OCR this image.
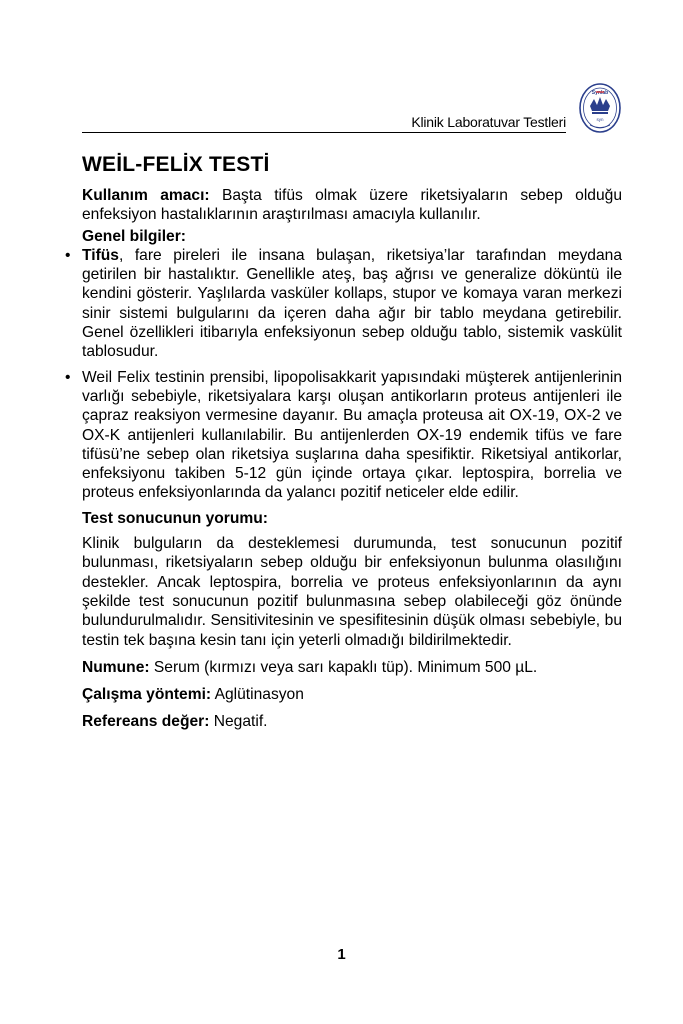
Klinik Laboratuvar Testleri
Synlab
syn
WEİL-FELİX TESTİ

Kullanım amacı: Başta tifüs olmak üzere riketsiyaların sebep olduğu enfeksiyon hastalıklarının araştırılması amacıyla kullanılır.

Genel bilgiler:

• Tifüs, fare pireleri ile insana bulaşan, riketsiya’lar tarafından meydana getirilen bir hastalıktır. Genellikle ateş, baş ağrısı ve generalize döküntü ile kendini gösterir. Yaşlılarda vasküler kollaps, stupor ve komaya varan merkezi sinir sistemi bulgularını da içeren daha ağır bir tablo meydana getirebilir. Genel özellikleri itibarıyla enfeksiyonun sebep olduğu tablo, sistemik vaskülit tablosudur.
• Weil Felix testinin prensibi, lipopolisakkarit yapısındaki müşterek antijenlerinin varlığı sebebiyle, riketsiyalara karşı oluşan antikorların proteus antijenleri ile çapraz reaksiyon vermesine dayanır. Bu amaçla proteusa ait OX-19, OX-2 ve OX-K antijenleri kullanılabilir. Bu antijenlerden OX-19 endemik tifüs ve fare tifüsü’ne sebep olan riketsiya suşlarına daha spesifiktir. Riketsiyal antikorlar, enfeksiyonu takiben 5-12 gün içinde ortaya çıkar. leptospira, borrelia ve proteus enfeksiyonlarında da yalancı pozitif neticeler elde edilir.

Test sonucunun yorumu:

Klinik bulguların da desteklemesi durumunda, test sonucunun pozitif bulunması, riketsiyaların sebep olduğu bir enfeksiyonun bulunma olasılığını destekler. Ancak leptospira, borrelia ve proteus enfeksiyonlarının da aynı şekilde test sonucunun pozitif bulunmasına sebep olabileceği göz önünde bulundurulmalıdır. Sensitivitesinin ve spesifitesinin düşük olması sebebiyle, bu testin tek başına kesin tanı için yeterli olmadığı bildirilmektedir.

Numune: Serum (kırmızı veya sarı kapaklı tüp). Minimum 500 µL.

Çalışma yöntemi: Aglütinasyon

Refereans değer: Negatif.

1
